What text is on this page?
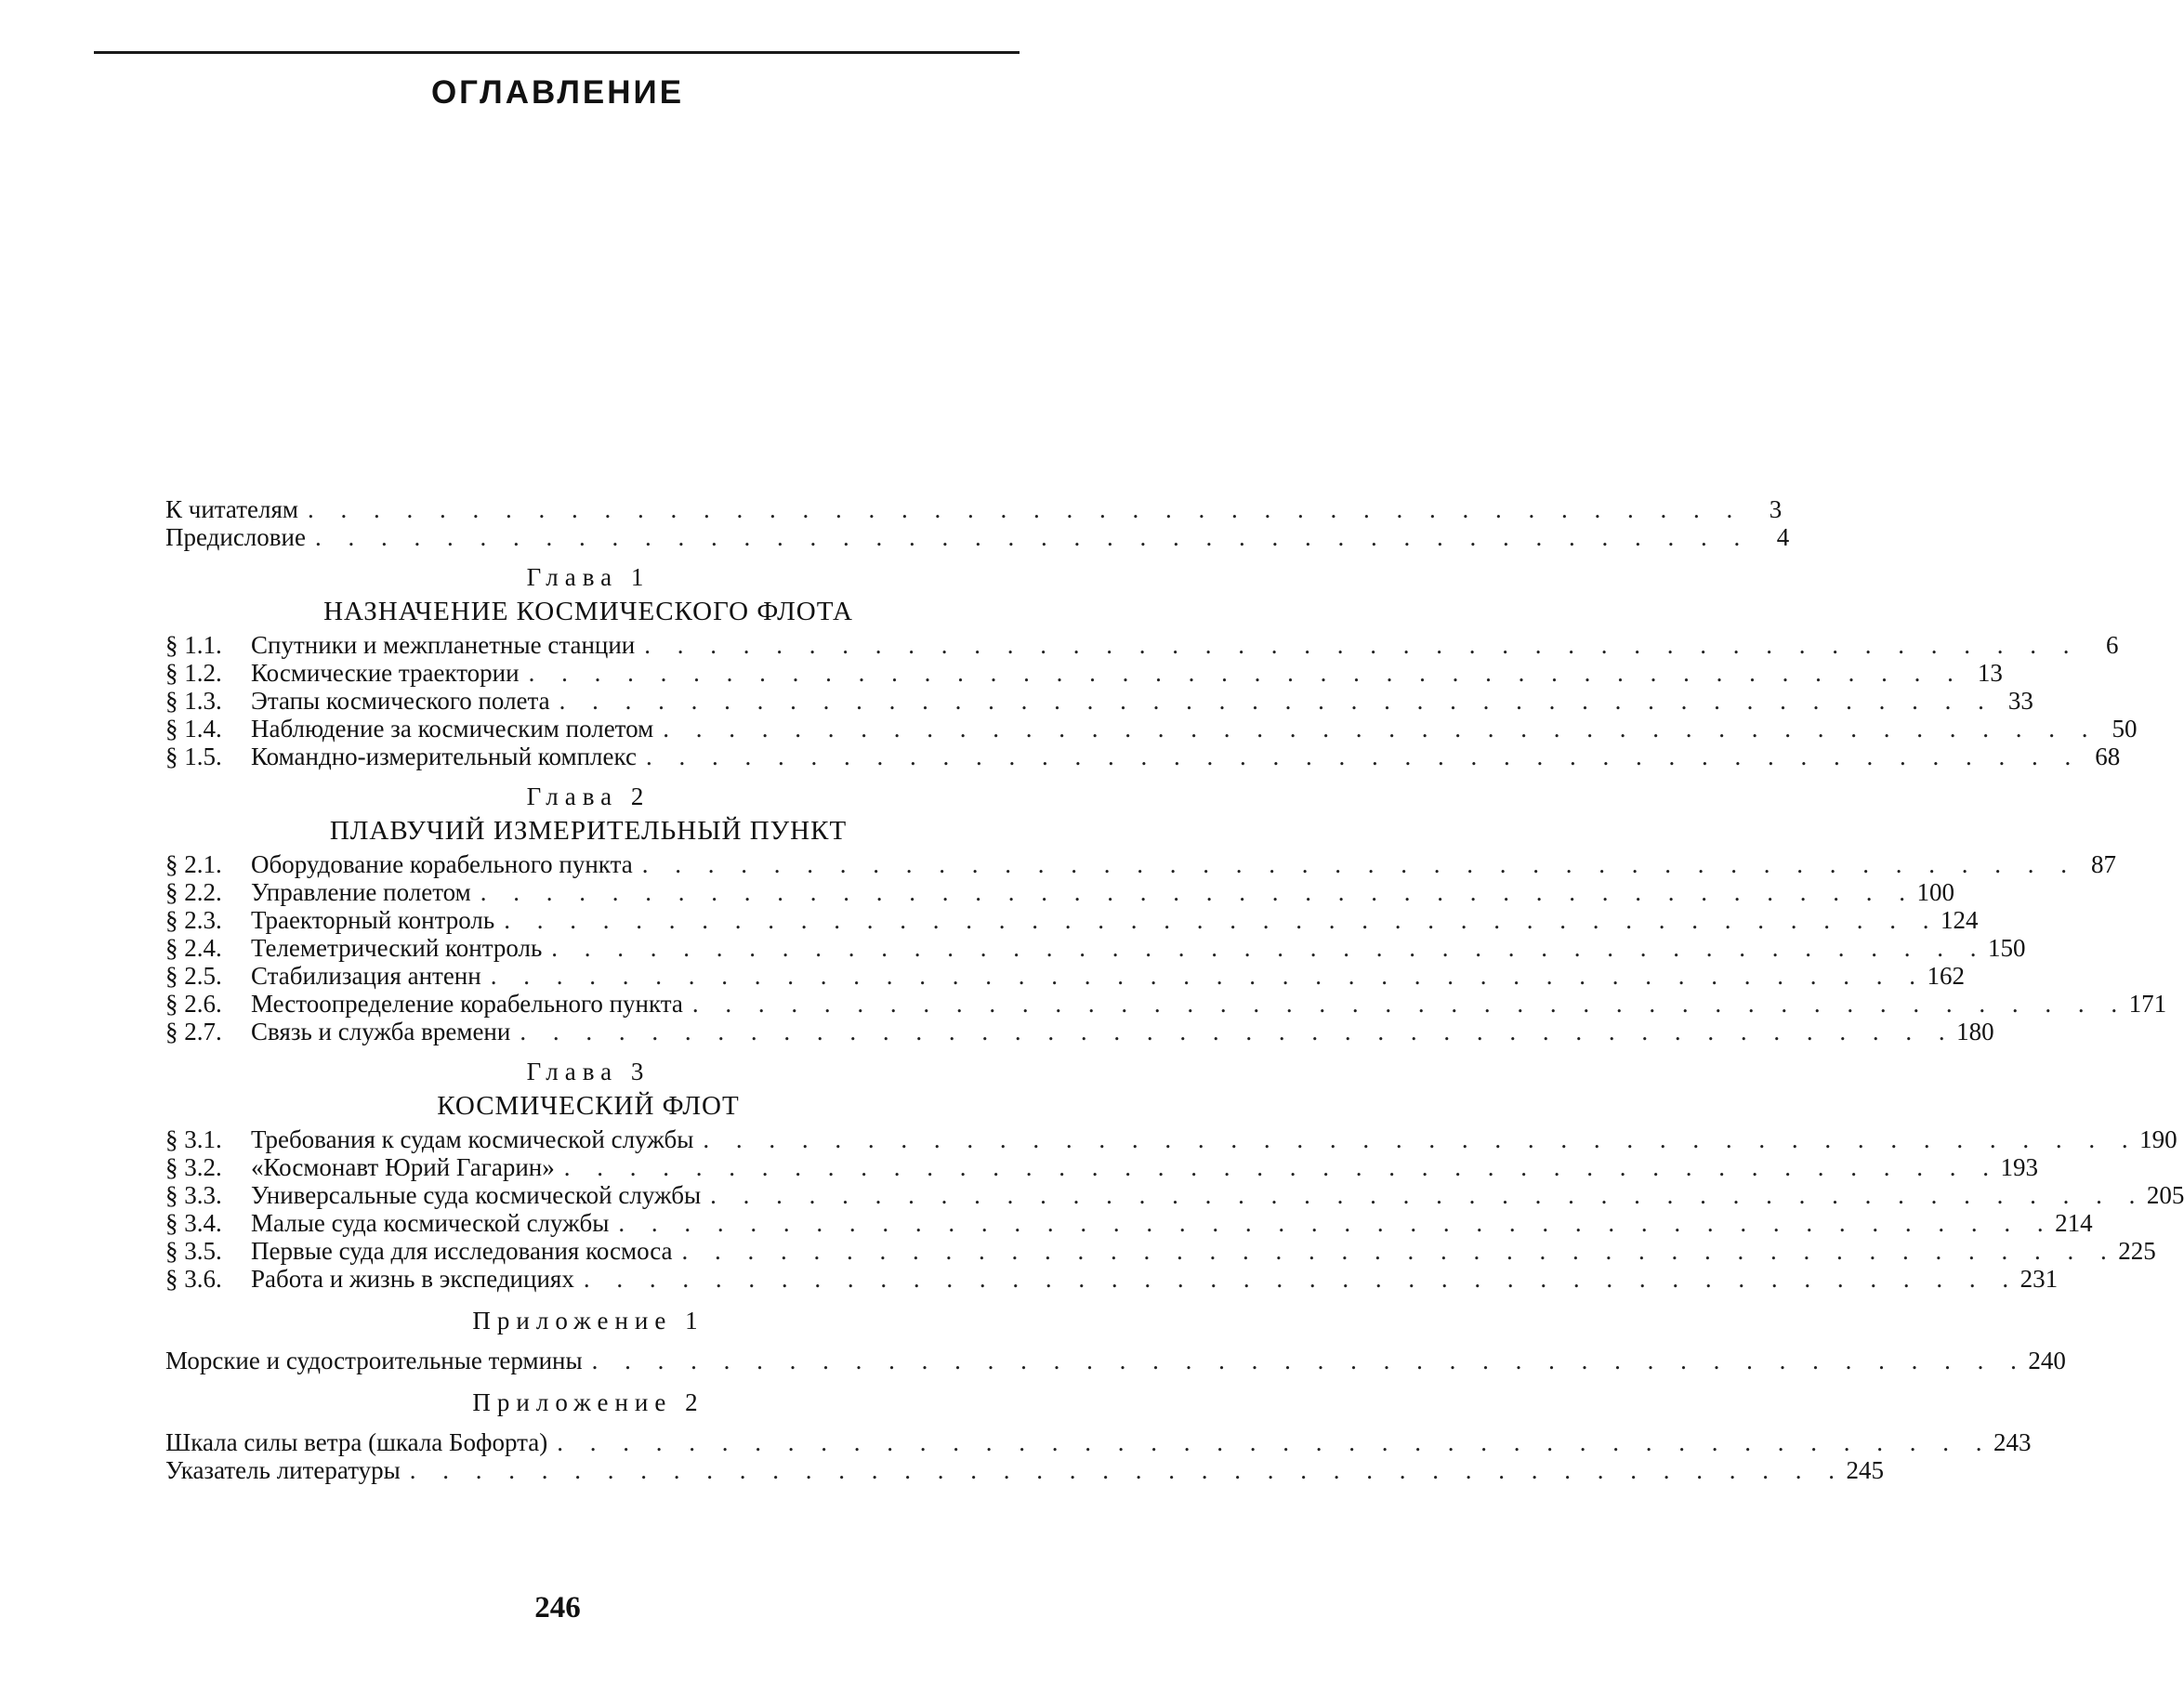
ОГЛАВЛЕНИЕ
К читателям . . . . . . . . . . . . . . . . . . . . . . . . . . . . . . . . . . . . . . . . . . . .	3
Предисловие . . . . . . . . . . . . . . . . . . . . . . . . . . . . . . . . . . . . . . . . . . . .	4
Глава 1
НАЗНАЧЕНИЕ КОСМИЧЕСКОГО ФЛОТА
§ 1.1.	Спутники и межпланетные станции . . . . . . . . . . . . . . . . . . . . . . . . . . . . . . . . . . . . . . . . . . . .	6
§ 1.2.	Космические траектории . . . . . . . . . . . . . . . . . . . . . . . . . . . . . . . . . . . . . . . . . . . . 13
§ 1.3.	Этапы космического полета . . . . . . . . . . . . . . . . . . . . . . . . . . . . . . . . . . . . . . . . . . . . 33
§ 1.4.	Наблюдение за космическим полетом . . . . . . . . . . . . . . . . . . . . . . . . . . . . . . . . . . . . . . . . . . . . 50
§ 1.5.	Командно-измерительный комплекс . . . . . . . . . . . . . . . . . . . . . . . . . . . . . . . . . . . . . . . . . . . . 68
Глава 2
ПЛАВУЧИЙ ИЗМЕРИТЕЛЬНЫЙ ПУНКТ
§ 2.1.	Оборудование корабельного пункта . . . . . . . . . . . . . . . . . . . . . . . . . . . . . . . . . . . . . . . . . . . . 87
§ 2.2.	Управление полетом . . . . . . . . . . . . . . . . . . . . . . . . . . . . . . . . . . . . . . . . . . . . 100
§ 2.3.	Траекторный контроль . . . . . . . . . . . . . . . . . . . . . . . . . . . . . . . . . . . . . . . . . . . . 124
§ 2.4.	Телеметрический контроль . . . . . . . . . . . . . . . . . . . . . . . . . . . . . . . . . . . . . . . . . . . . 150
§ 2.5.	Стабилизация антенн . . . . . . . . . . . . . . . . . . . . . . . . . . . . . . . . . . . . . . . . . . . . 162
§ 2.6.	Местоопределение корабельного пункта . . . . . . . . . . . . . . . . . . . . . . . . . . . . . . . . . . . . . . . . . . . . 171
§ 2.7.	Связь и служба времени . . . . . . . . . . . . . . . . . . . . . . . . . . . . . . . . . . . . . . . . . . . . 180
Глава 3
КОСМИЧЕСКИЙ ФЛОТ
§ 3.1.	Требования к судам космической службы . . . . . . . . . . . . . . . . . . . . . . . . . . . . . . . . . . . . . . . . . . . . 190
§ 3.2.	«Космонавт Юрий Гагарин» . . . . . . . . . . . . . . . . . . . . . . . . . . . . . . . . . . . . . . . . . . . . 193
§ 3.3.	Универсальные суда космической службы . . . . . . . . . . . . . . . . . . . . . . . . . . . . . . . . . . . . . . . . . . . . 205
§ 3.4.	Малые суда космической службы . . . . . . . . . . . . . . . . . . . . . . . . . . . . . . . . . . . . . . . . . . . . 214
§ 3.5.	Первые суда для исследования космоса . . . . . . . . . . . . . . . . . . . . . . . . . . . . . . . . . . . . . . . . . . . . 225
§ 3.6.	Работа и жизнь в экспедициях . . . . . . . . . . . . . . . . . . . . . . . . . . . . . . . . . . . . . . . . . . . . 231
Приложение 1
Морские и судостроительные термины . . . . . . . . . . . . . . . . . . . . . . . . . . . . . . . . . . . . . . . . . . . . 240
Приложение 2
Шкала силы ветра (шкала Бофорта) . . . . . . . . . . . . . . . . . . . . . . . . . . . . . . . . . . . . . . . . . . . . 243
Указатель литературы . . . . . . . . . . . . . . . . . . . . . . . . . . . . . . . . . . . . . . . . . . . . 245
246
